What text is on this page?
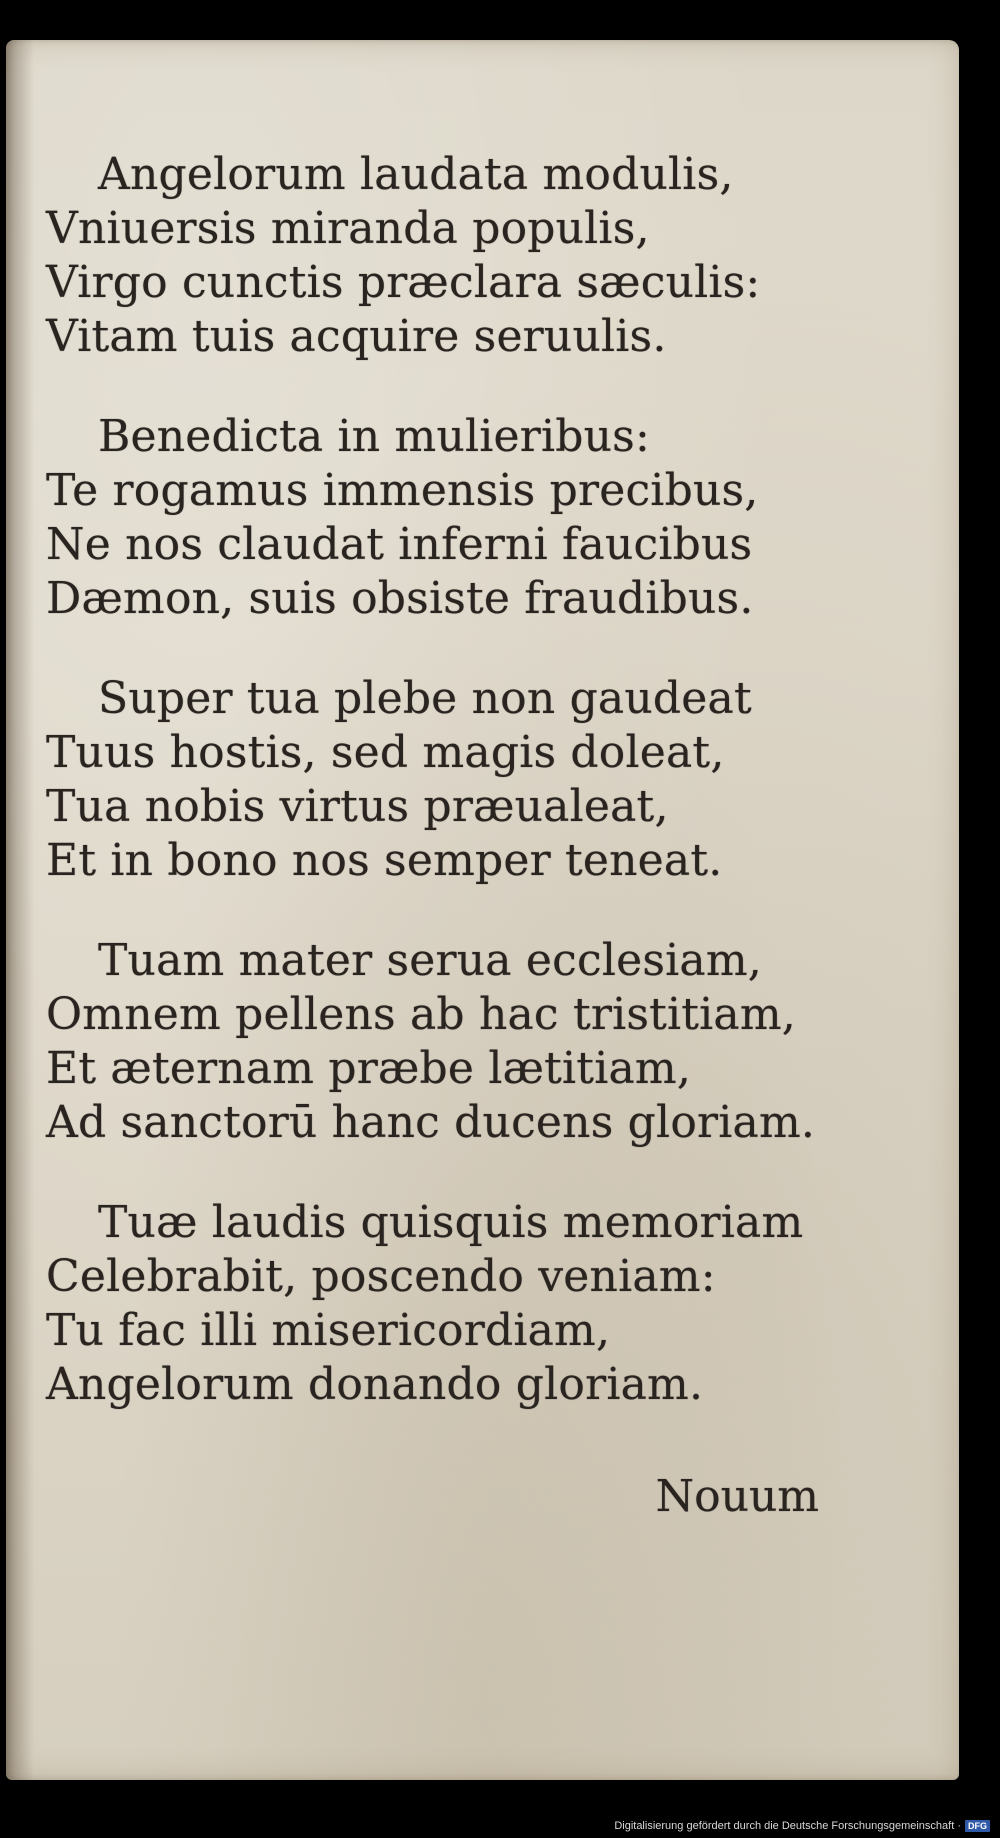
Angelorum laudata modulis,
Vniuersis miranda populis,
Virgo cunctis præclara sæculis:
Vitam tuis acquire seruulis.
Benedicta in mulieribus:
Te rogamus immensis precibus,
Ne nos claudat inferni faucibus
Dæmon, suis obsiste fraudibus.
Super tua plebe non gaudeat
Tuus hostis, sed magis doleat,
Tua nobis virtus præualeat,
Et in bono nos semper teneat.
Tuam mater serua ecclesiam,
Omnem pellens ab hac tristitiam,
Et æternam præbe lætitiam,
Ad sanctorū hanc ducens gloriam.
Tuæ laudis quisquis memoriam
Celebrabit, poscendo veniam:
Tu fac illi misericordiam,
Angelorum donando gloriam.
Nouum
Digitalisierung gefördert durch die Deutsche Forschungsgemeinschaft · DFG
